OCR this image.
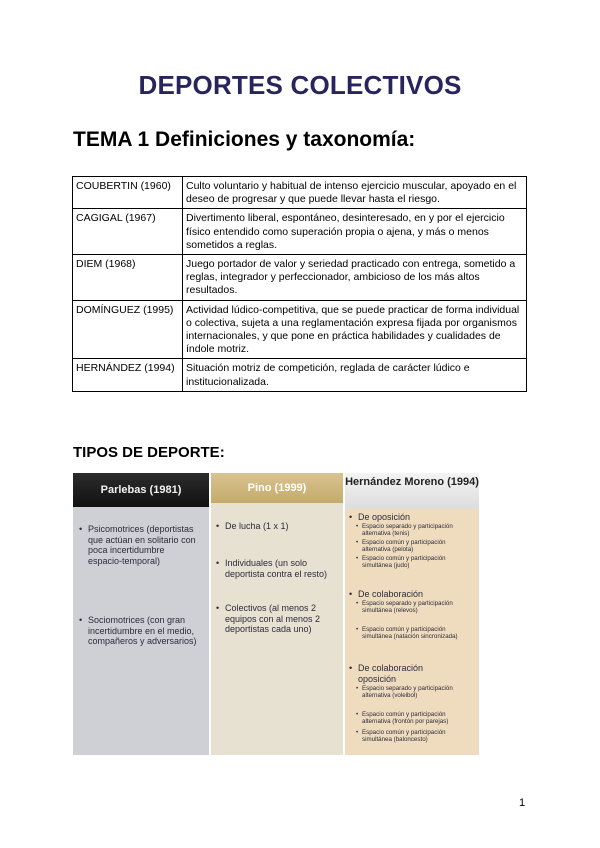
DEPORTES COLECTIVOS
TEMA 1 Definiciones y taxonomía:
COUBERTIN (1960)	Culto voluntario y habitual de intenso ejercicio muscular, apoyado en el deseo de progresar y que puede llevar hasta el riesgo.
CAGIGAL (1967)	Divertimento liberal, espontáneo, desinteresado, en y por el ejercicio físico entendido como superación propia o ajena, y más o menos sometidos a reglas.
DIEM (1968)	Juego portador de valor y seriedad practicado con entrega, sometido a reglas, integrador y perfeccionador, ambicioso de los más altos resultados.
DOMÍNGUEZ (1995)	Actividad lúdico-competitiva, que se puede practicar de forma individual o colectiva, sujeta a una reglamentación expresa fijada por organismos internacionales, y que pone en práctica habilidades y cualidades de índole motriz.
HERNÁNDEZ (1994)	Situación motriz de competición, reglada de carácter lúdico e institucionalizada.
TIPOS DE DEPORTE:
Parlebas (1981)
• Psicomotrices (deportistas que actúan en solitario con poca incertidumbre espacio-temporal)
• Sociomotrices (con gran incertidumbre en el medio, compañeros y adversarios)
Pino (1999)
• De lucha (1 x 1)
• Individuales (un solo deportista contra el resto)
• Colectivos (al menos 2 equipos con al menos 2 deportistas cada uno)
Hernández Moreno (1994)
• De oposición
• Espacio separado y participación alternativa (tenis)
• Espacio común y participación alternativa (pelota)
• Espacio común y participación simultánea (judo)
• De colaboración
• Espacio separado y participación simultánea (relevos)
• Espacio común y participación simultánea (natación sincronizada)
• De colaboración oposición
• Espacio separado y participación alternativa (voleibol)
• Espacio común y participación alternativa (frontón por parejas)
• Espacio común y participación simultánea (baloncesto)
1
